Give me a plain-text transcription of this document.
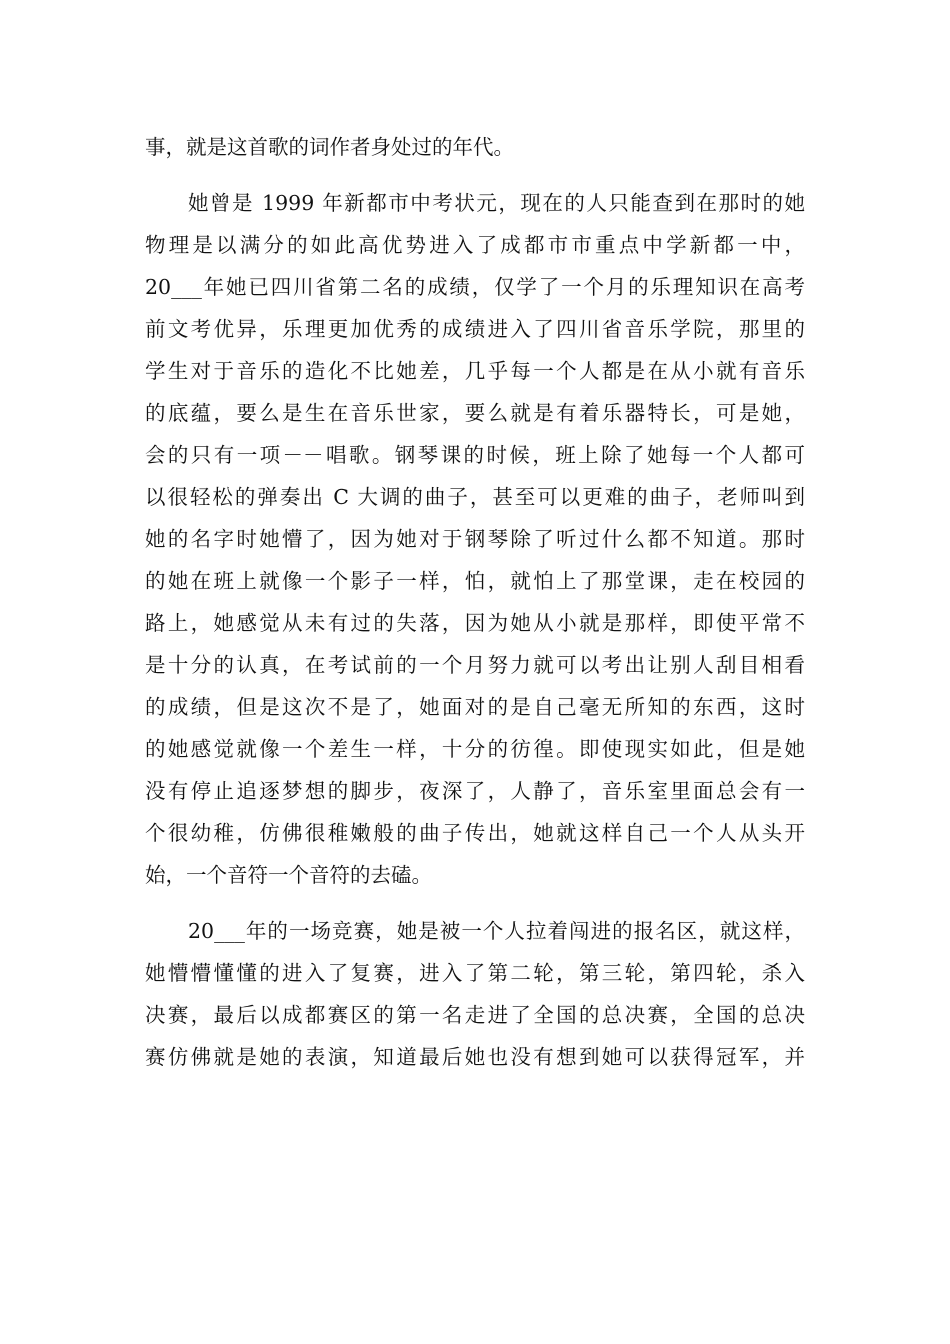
事，就是这首歌的词作者身处过的年代。
她曾是 1999 年新都市中考状元，现在的人只能查到在那时的她
物理是以满分的如此高优势进入了成都市市重点中学新都一中，
20___年她已四川省第二名的成绩，仅学了一个月的乐理知识在高考
前文考优异，乐理更加优秀的成绩进入了四川省音乐学院，那里的
学生对于音乐的造化不比她差，几乎每一个人都是在从小就有音乐
的底蕴，要么是生在音乐世家，要么就是有着乐器特长，可是她，
会的只有一项－－唱歌。钢琴课的时候，班上除了她每一个人都可
以很轻松的弹奏出 C 大调的曲子，甚至可以更难的曲子，老师叫到
她的名字时她懵了，因为她对于钢琴除了听过什么都不知道。那时
的她在班上就像一个影子一样，怕，就怕上了那堂课，走在校园的
路上，她感觉从未有过的失落，因为她从小就是那样，即使平常不
是十分的认真，在考试前的一个月努力就可以考出让别人刮目相看
的成绩，但是这次不是了，她面对的是自己毫无所知的东西，这时
的她感觉就像一个差生一样，十分的彷徨。即使现实如此，但是她
没有停止追逐梦想的脚步，夜深了，人静了，音乐室里面总会有一
个很幼稚，仿佛很稚嫩般的曲子传出，她就这样自己一个人从头开
始，一个音符一个音符的去磕。
20___年的一场竞赛，她是被一个人拉着闯进的报名区，就这样，
她懵懵懂懂的进入了复赛，进入了第二轮，第三轮，第四轮，杀入
决赛，最后以成都赛区的第一名走进了全国的总决赛，全国的总决
赛仿佛就是她的表演，知道最后她也没有想到她可以获得冠军，并
